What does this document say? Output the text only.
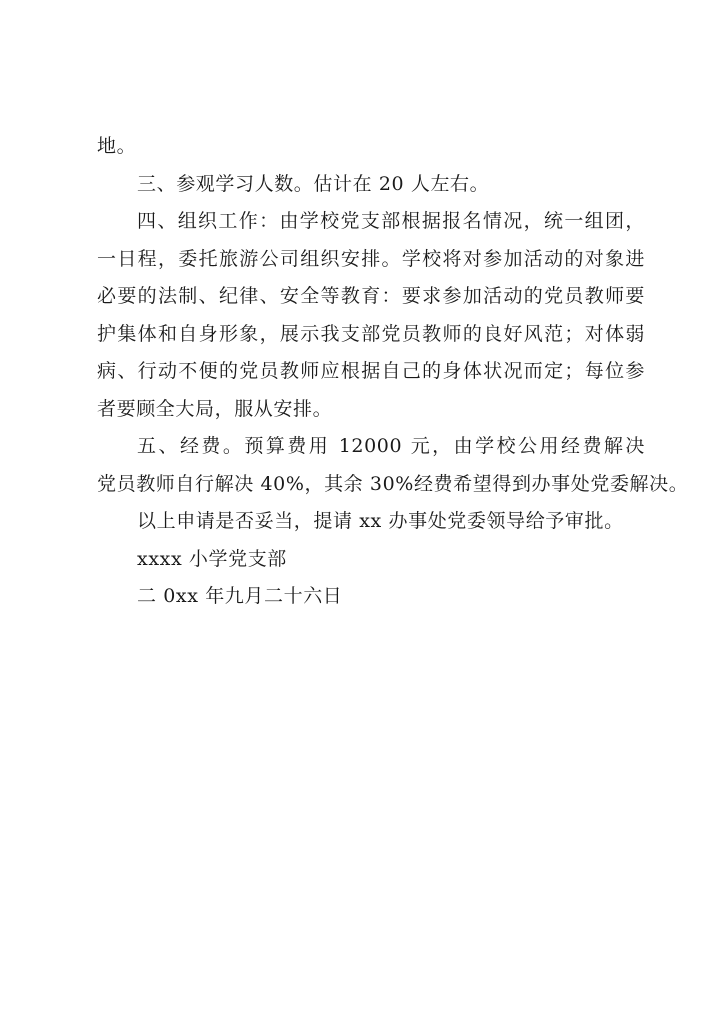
地。
三、参观学习人数。估计在 20 人左右。
四、组织工作：由学校党支部根据报名情况，统一组团，
一日程，委托旅游公司组织安排。学校将对参加活动的对象进
必要的法制、纪律、安全等教育：要求参加活动的党员教师要
护集体和自身形象，展示我支部党员教师的良好风范；对体弱
病、行动不便的党员教师应根据自己的身体状况而定；每位参
者要顾全大局，服从安排。
五、经费。预算费用 12000 元，由学校公用经费解决
党员教师自行解决 40%，其余 30%经费希望得到办事处党委解决。
以上申请是否妥当，提请 xx 办事处党委领导给予审批。
xxxx 小学党支部
二 0xx 年九月二十六日
